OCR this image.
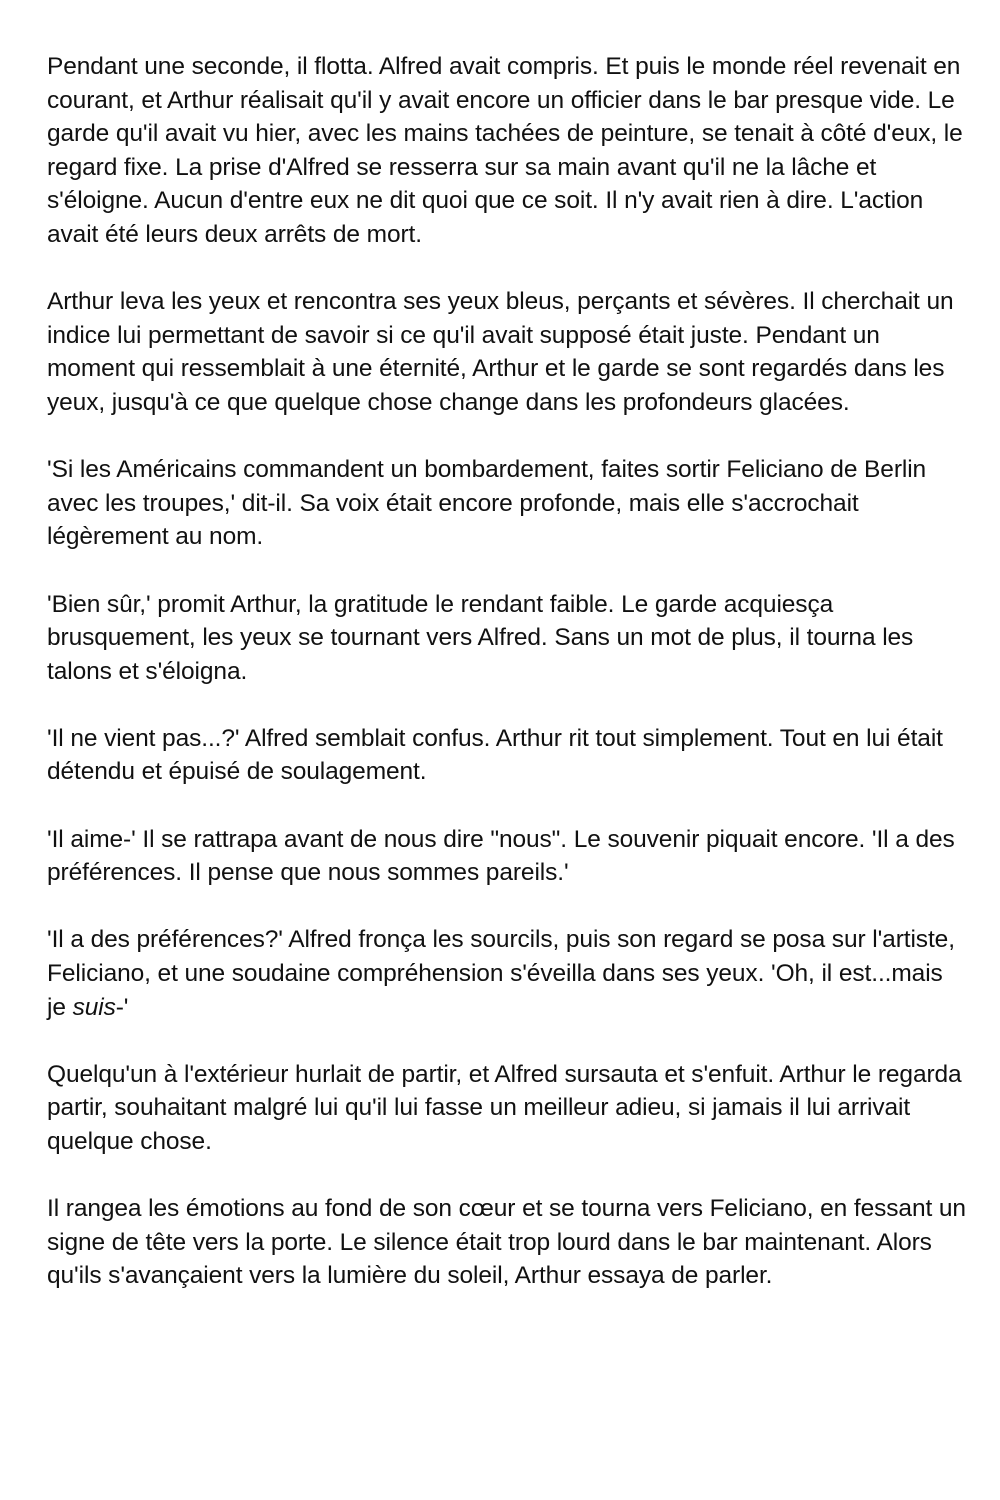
Pendant une seconde, il flotta. Alfred avait compris. Et puis le monde réel revenait en courant, et Arthur réalisait qu'il y avait encore un officier dans le bar presque vide. Le garde qu'il avait vu hier, avec les mains tachées de peinture, se tenait à côté d'eux, le regard fixe. La prise d'Alfred se resserra sur sa main avant qu'il ne la lâche et s'éloigne. Aucun d'entre eux ne dit quoi que ce soit. Il n'y avait rien à dire. L'action avait été leurs deux arrêts de mort.

Arthur leva les yeux et rencontra ses yeux bleus, perçants et sévères. Il cherchait un indice lui permettant de savoir si ce qu'il avait supposé était juste. Pendant un moment qui ressemblait à une éternité, Arthur et le garde se sont regardés dans les yeux, jusqu'à ce que quelque chose change dans les profondeurs glacées.

'Si les Américains commandent un bombardement, faites sortir Feliciano de Berlin avec les troupes,' dit-il. Sa voix était encore profonde, mais elle s'accrochait légèrement au nom.

'Bien sûr,' promit Arthur, la gratitude le rendant faible. Le garde acquiesça brusquement, les yeux se tournant vers Alfred. Sans un mot de plus, il tourna les talons et s'éloigna.

'Il ne vient pas...?' Alfred semblait confus. Arthur rit tout simplement. Tout en lui était détendu et épuisé de soulagement.

'Il aime-' Il se rattrapa avant de nous dire "nous". Le souvenir piquait encore. 'Il a des préférences. Il pense que nous sommes pareils.'

'Il a des préférences?' Alfred fronça les sourcils, puis son regard se posa sur l'artiste, Feliciano, et une soudaine compréhension s'éveilla dans ses yeux. 'Oh, il est...mais je suis-'

Quelqu'un à l'extérieur hurlait de partir, et Alfred sursauta et s'enfuit. Arthur le regarda partir, souhaitant malgré lui qu'il lui fasse un meilleur adieu, si jamais il lui arrivait quelque chose.

Il rangea les émotions au fond de son cœur et se tourna vers Feliciano, en fessant un signe de tête vers la porte. Le silence était trop lourd dans le bar maintenant. Alors qu'ils s'avançaient vers la lumière du soleil, Arthur essaya de parler.
